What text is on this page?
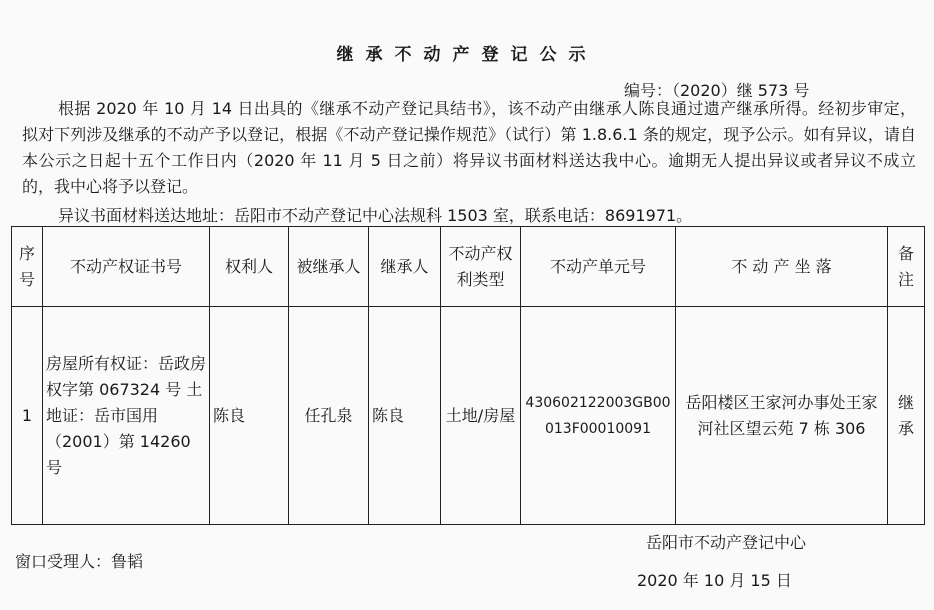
继承不动产登记公示
编号：（2020）继 573 号

根据 2020 年 10 月 14 日出具的《继承不动产登记具结书》，该不动产由继承人陈良通过遗产继承所得。经初步审定， 拟对下列涉及继承的不动产予以登记，根据《不动产登记操作规范》（试行）第 1.8.6.1 条的规定，现予公示。如有异议，请自本公示之日起十五个工作日内（2020 年 11 月 5 日之前）将异议书面材料送达我中心。逾期无人提出异议或者异议不成立的，我中心将予以登记。

异议书面材料送达地址：岳阳市不动产登记中心法规科 1503 室，联系电话：8691971。
序号	不动产权证书号	权利人	被继承人	继承人	不动产权利类型	不动产单元号	不 动 产 坐 落	备注
1	房屋所有权证：岳政房权字第 067324 号 土地证：岳市国用（2001）第 14260 号	陈良	任孔泉	陈良	土地/房屋	430602122003GB00013F00010091	岳阳楼区王家河办事处王家河社区望云苑 7 栋 306	继承
窗口受理人：鲁韬
岳阳市不动产登记中心
2020 年 10 月 15 日
